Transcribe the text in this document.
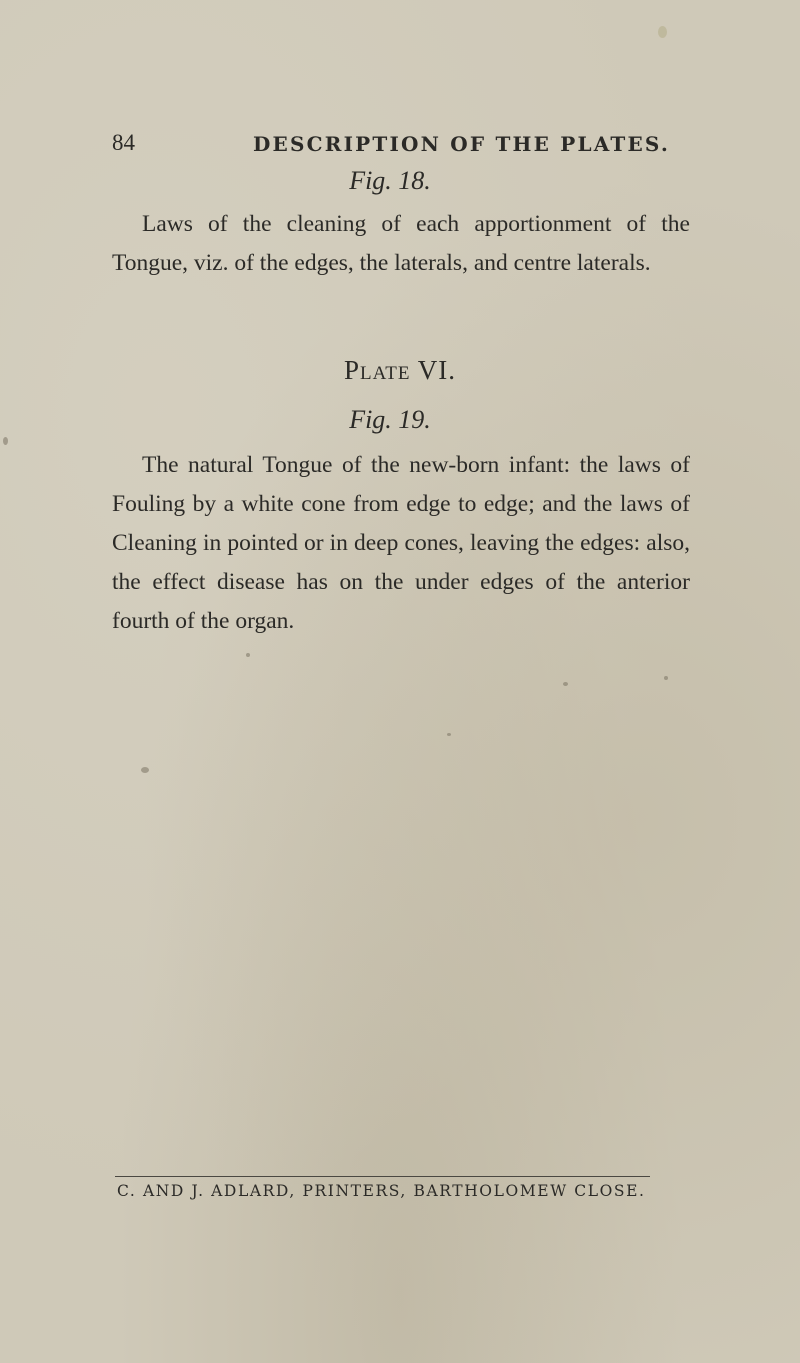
84	DESCRIPTION OF THE PLATES.
Fig. 18.

Laws of the cleaning of each apportionment of the Tongue, viz. of the edges, the laterals, and centre laterals.

Plate VI.
Fig. 19.

The natural Tongue of the new-born infant: the laws of Fouling by a white cone from edge to edge; and the laws of Cleaning in pointed or in deep cones, leaving the edges: also, the effect disease has on the under edges of the anterior fourth of the organ.

C. AND J. ADLARD, PRINTERS, BARTHOLOMEW CLOSE.
